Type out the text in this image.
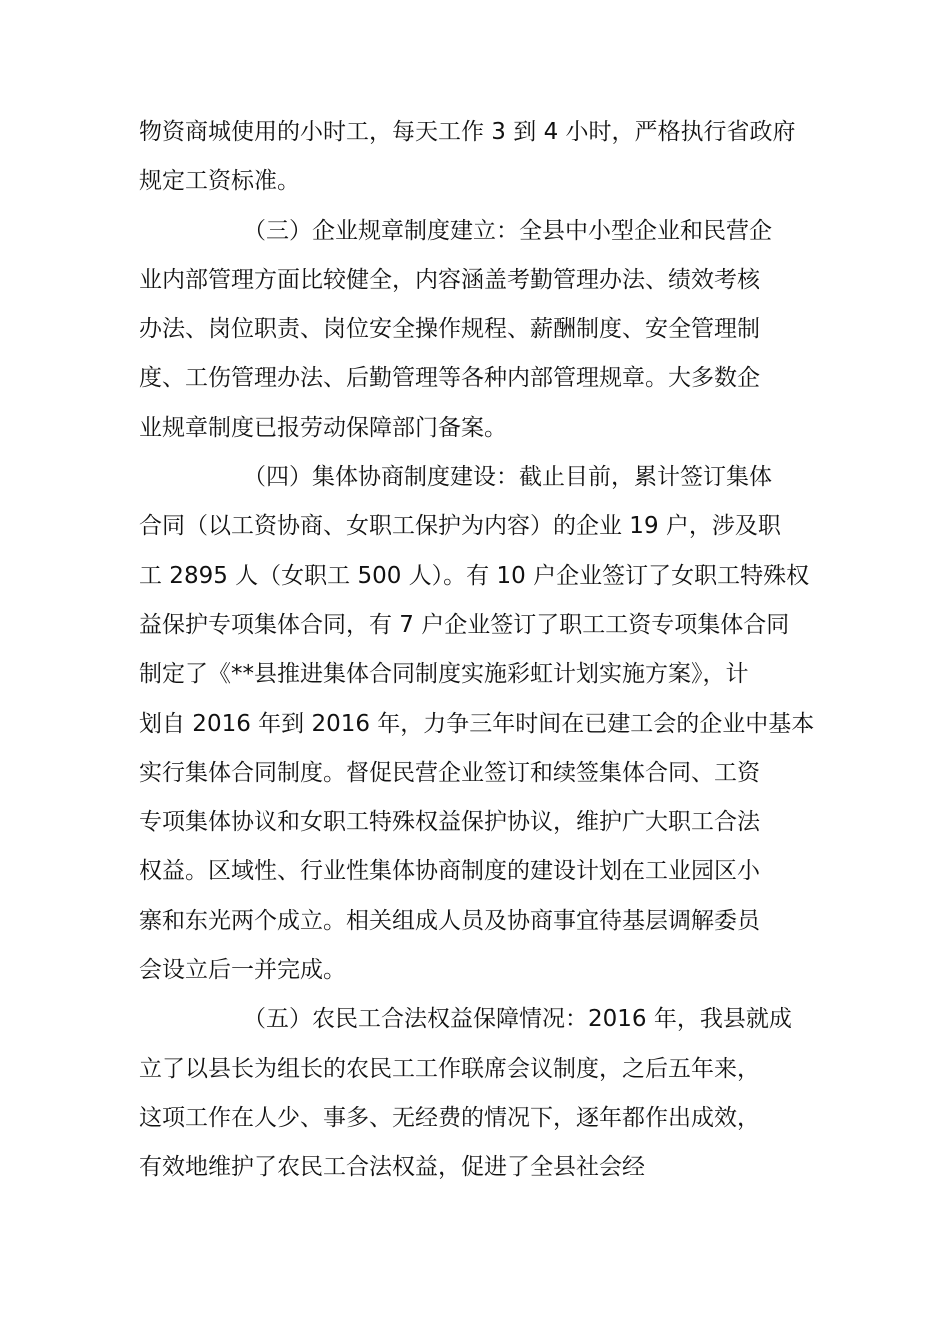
物资商城使用的小时工，每天工作 3 到 4 小时，严格执行省政府
规定工资标准。
（三）企业规章制度建立：全县中小型企业和民营企
业内部管理方面比较健全，内容涵盖考勤管理办法、绩效考核
办法、岗位职责、岗位安全操作规程、薪酬制度、安全管理制
度、工伤管理办法、后勤管理等各种内部管理规章。大多数企
业规章制度已报劳动保障部门备案。
（四）集体协商制度建设：截止目前，累计签订集体
合同（以工资协商、女职工保护为内容）的企业 19 户，涉及职
工 2895 人（女职工 500 人）。有 10 户企业签订了女职工特殊权
益保护专项集体合同，有 7 户企业签订了职工工资专项集体合同
制定了《**县推进集体合同制度实施彩虹计划实施方案》，计
划自 2016 年到 2016 年，力争三年时间在已建工会的企业中基本
实行集体合同制度。督促民营企业签订和续签集体合同、工资
专项集体协议和女职工特殊权益保护协议，维护广大职工合法
权益。区域性、行业性集体协商制度的建设计划在工业园区小
寨和东光两个成立。相关组成人员及协商事宜待基层调解委员
会设立后一并完成。
（五）农民工合法权益保障情况：2016 年，我县就成
立了以县长为组长的农民工工作联席会议制度，之后五年来，
这项工作在人少、事多、无经费的情况下，逐年都作出成效，
有效地维护了农民工合法权益，促进了全县社会经
